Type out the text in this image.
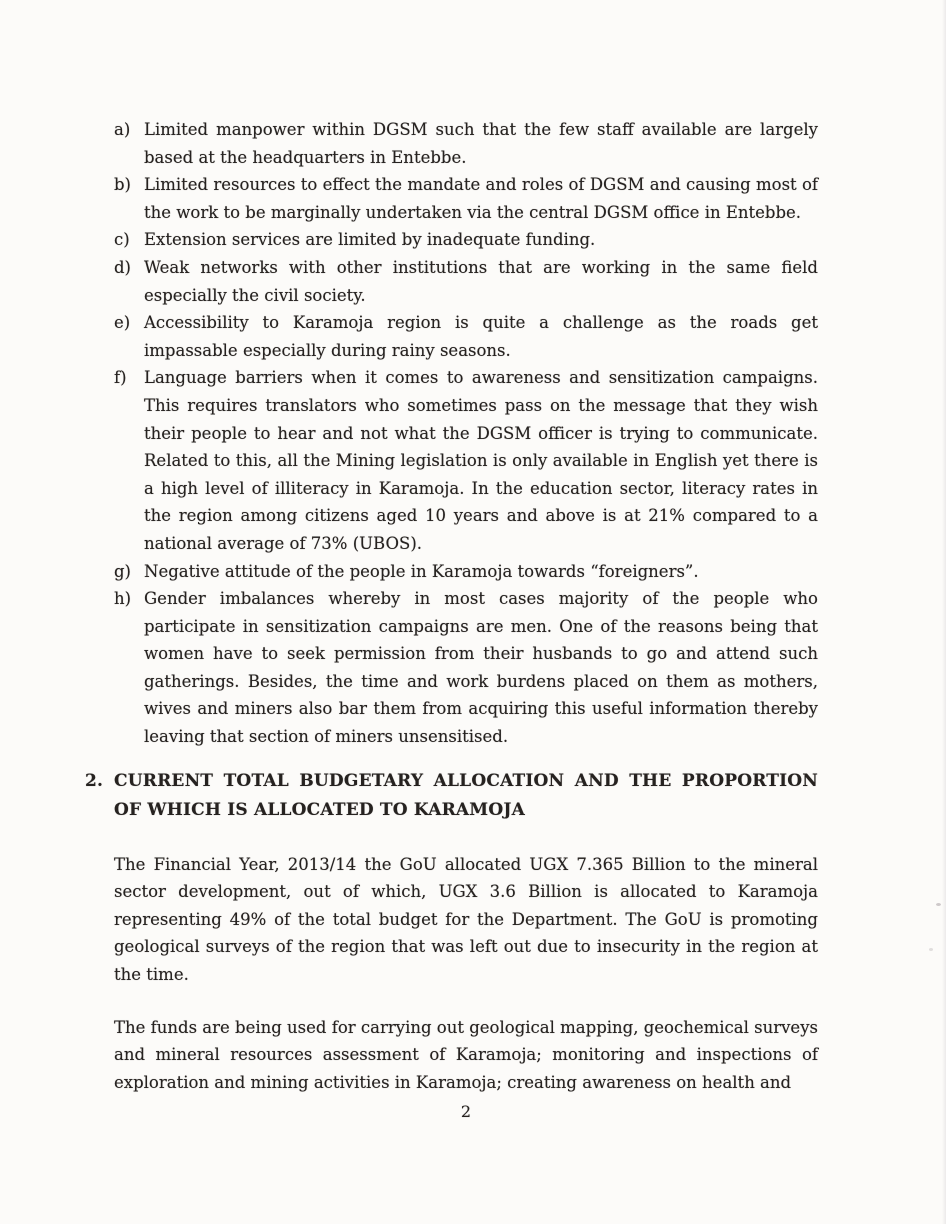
a) Limited manpower within DGSM such that the few staff available are largely based at the headquarters in Entebbe.
b) Limited resources to effect the mandate and roles of DGSM and causing most of the work to be marginally undertaken via the central DGSM office in Entebbe.
c) Extension services are limited by inadequate funding.
d) Weak networks with other institutions that are working in the same field especially the civil society.
e) Accessibility to Karamoja region is quite a challenge as the roads get impassable especially during rainy seasons.
f)	Language barriers when it comes to awareness and sensitization campaigns. This requires translators who sometimes pass on the message that they wish their people to hear and not what the DGSM officer is trying to communicate. Related to this, all the Mining legislation is only available in English yet there is a high level of illiteracy in Karamoja. In the education sector, literacy rates in the region among citizens aged 10 years and above is at 21% compared to a national average of 73% (UBOS).
g) Negative attitude of the people in Karamoja towards “foreigners”.
h) Gender imbalances whereby in most cases majority of the people who participate in sensitization campaigns are men. One of the reasons being that women have to seek permission from their husbands to go and attend such gatherings. Besides, the time and work burdens placed on them as mothers, wives and miners also bar them from acquiring this useful information thereby leaving that section of miners unsensitised.
2. CURRENT TOTAL BUDGETARY ALLOCATION AND THE PROPORTION OF WHICH IS ALLOCATED TO KARAMOJA

The Financial Year, 2013/14 the GoU allocated UGX 7.365 Billion to the mineral sector development, out of which, UGX 3.6 Billion is allocated to Karamoja representing 49% of the total budget for the Department. The GoU is promoting geological surveys of the region that was left out due to insecurity in the region at the time.

The funds are being used for carrying out geological mapping, geochemical surveys and mineral resources assessment of Karamoja; monitoring and inspections of exploration and mining activities in Karamoja; creating awareness on health and

2
